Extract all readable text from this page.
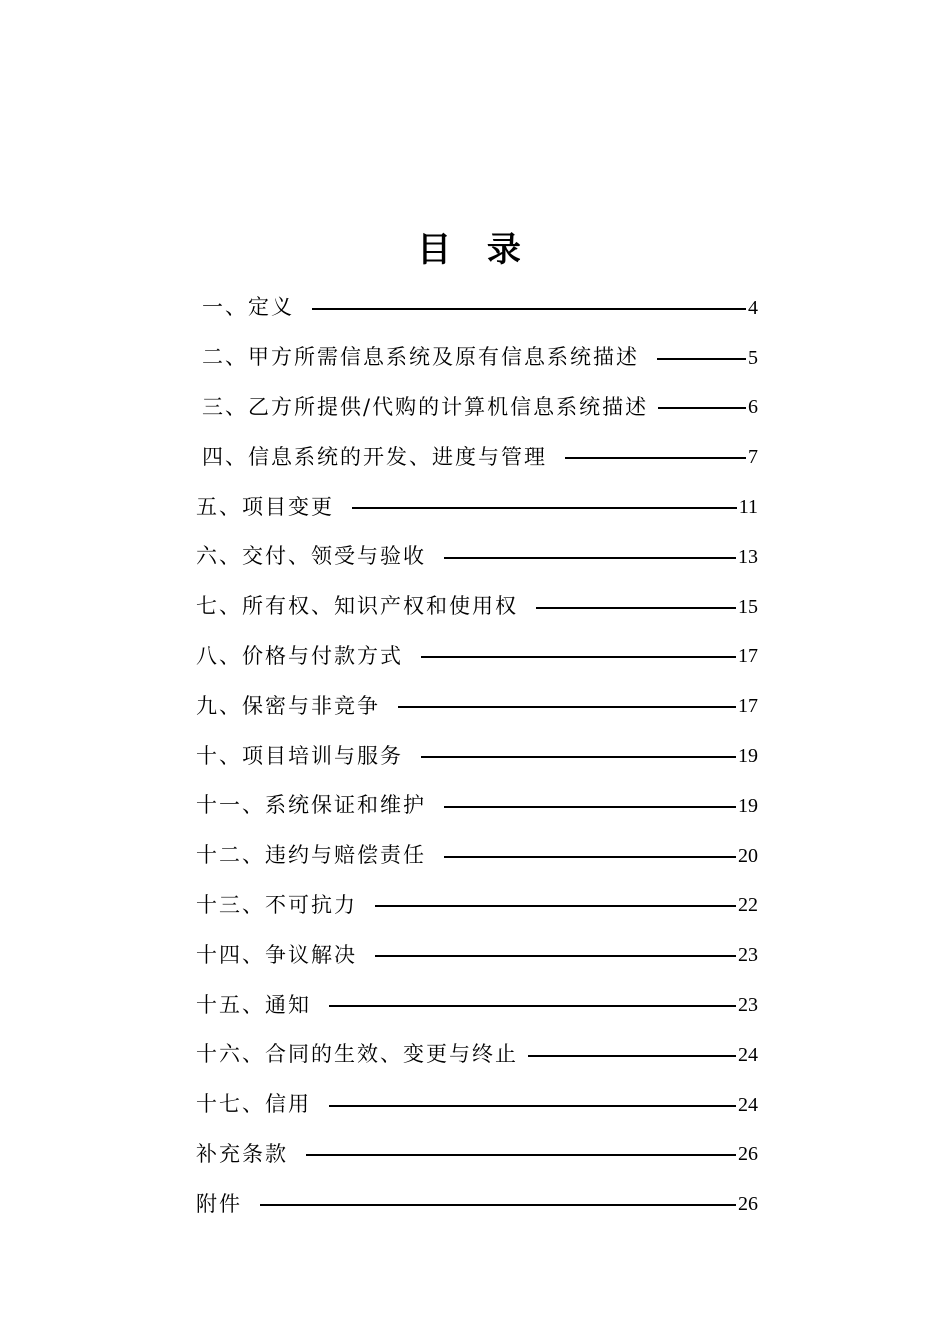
目 录
一、定义	4
二、甲方所需信息系统及原有信息系统描述	5
三、乙方所提供/代购的计算机信息系统描述	6
四、信息系统的开发、进度与管理	7
五、项目变更	11
六、交付、领受与验收	13
七、所有权、知识产权和使用权	15
八、价格与付款方式	17
九、保密与非竞争	17
十、项目培训与服务	19
十一、系统保证和维护	19
十二、违约与赔偿责任	20
十三、不可抗力	22
十四、争议解决	23
十五、通知	23
十六、合同的生效、变更与终止	24
十七、信用	24
补充条款	26
附件	26
